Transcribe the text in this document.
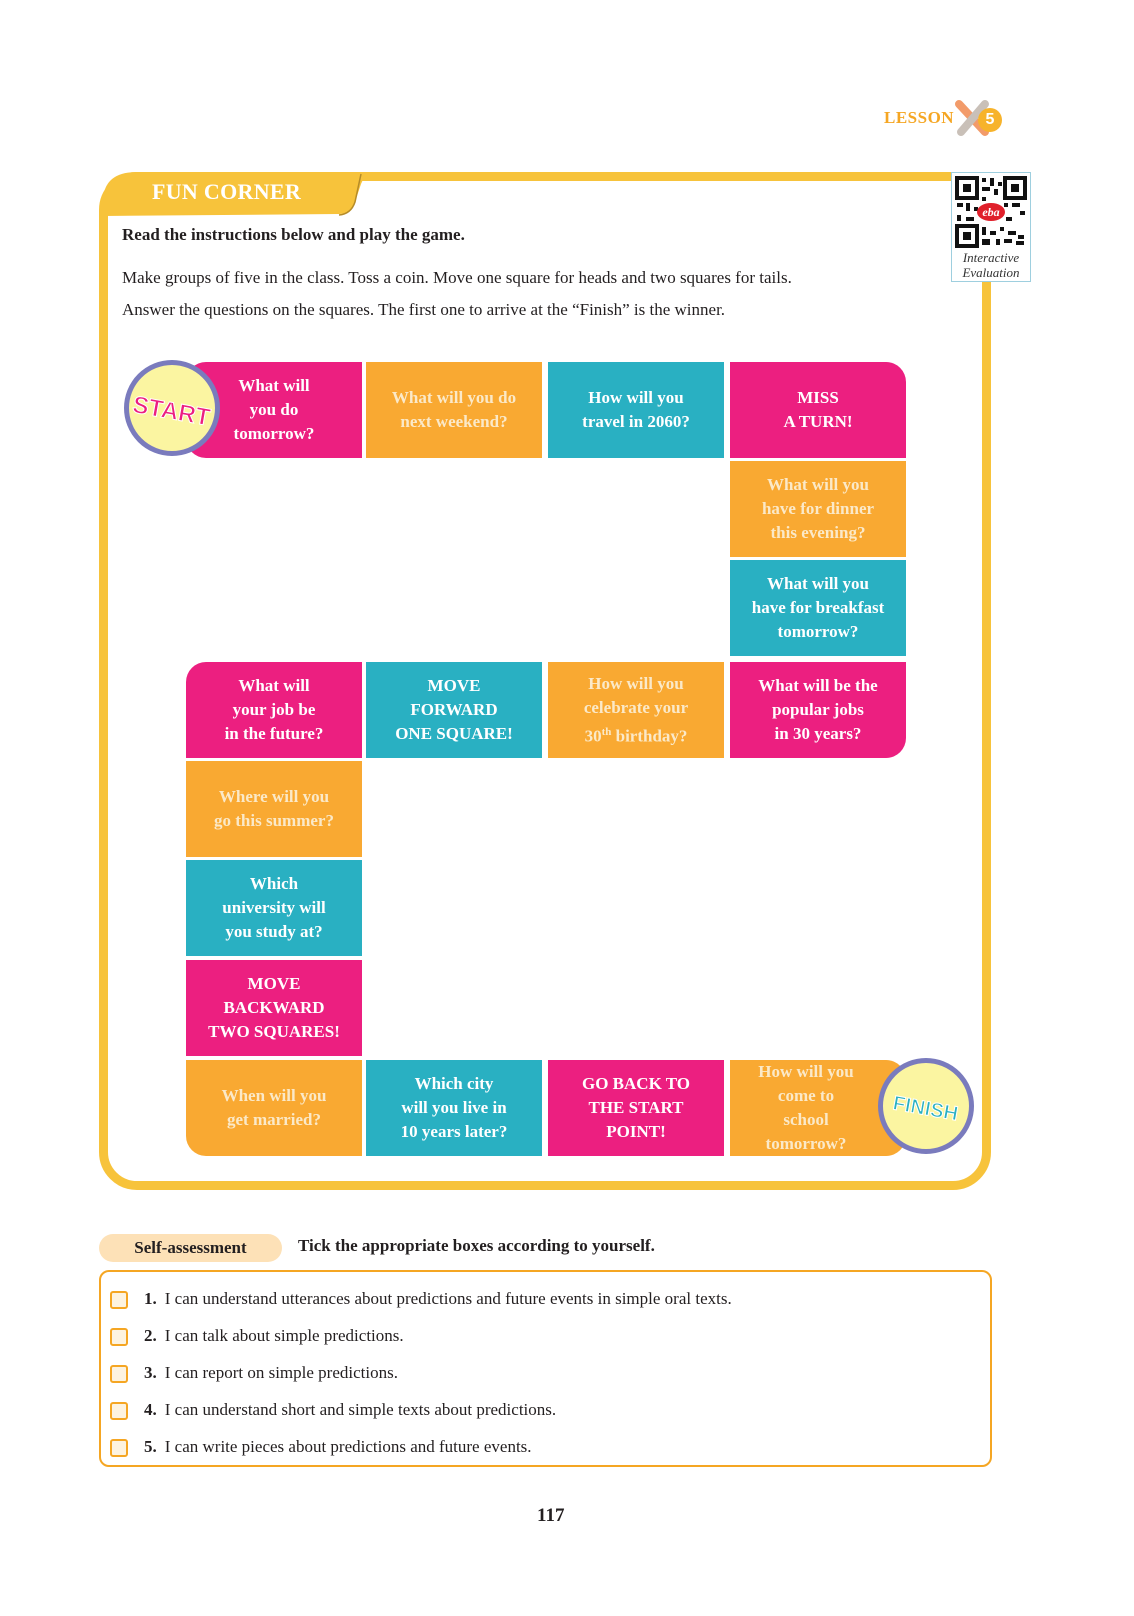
LESSON	5
FUN CORNER
eba
Interactive
Evaluation
Read the instructions below and play the game.
Make groups of five in the class. Toss a coin. Move one square for heads and two squares for tails.
Answer the questions on the squares. The first one to arrive at the “Finish” is the winner.
What will
you do
tomorrow?
What will you do
next weekend?
How will you
travel in 2060?
MISS
A TURN!
What will you
have for dinner
this evening?
What will you
have for breakfast
tomorrow?
What will be the
popular jobs
in 30 years?
How will you
celebrate your
30th birthday?
MOVE
FORWARD
ONE SQUARE!
What will
your job be
in the future?
Where will you
go this summer?
Which
university will
you study at?
MOVE
BACKWARD
TWO SQUARES!
When will you
get married?
Which city
will you live in
10 years later?
GO BACK TO
THE START
POINT!
How will you
come to
school
tomorrow?
START
FINISH
Self-assessment	Tick the appropriate boxes according to yourself.
1. I can understand utterances about predictions and future events in simple oral texts.
2. I can talk about simple predictions.
3. I can report on simple predictions.
4. I can understand short and simple texts about predictions.
5. I can write pieces about predictions and future events.
117
